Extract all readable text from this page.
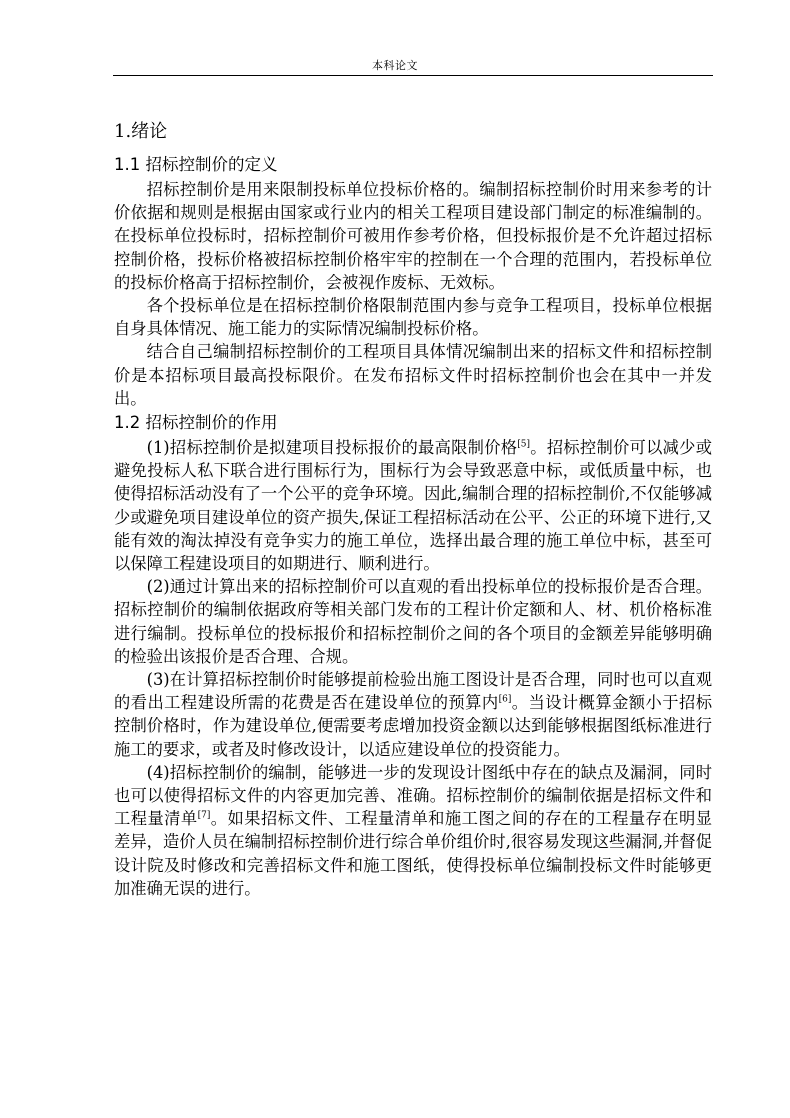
本科论文
1.绪论
1.1 招标控制价的定义

招标控制价是用来限制投标单位投标价格的。编制招标控制价时用来参考的计价依据和规则是根据由国家或行业内的相关工程项目建设部门制定的标准编制的。在投标单位投标时，招标控制价可被用作参考价格，但投标报价是不允许超过招标控制价格，投标价格被招标控制价格牢牢的控制在一个合理的范围内，若投标单位的投标价格高于招标控制价，会被视作废标、无效标。

各个投标单位是在招标控制价格限制范围内参与竞争工程项目，投标单位根据自身具体情况、施工能力的实际情况编制投标价格。

结合自己编制招标控制价的工程项目具体情况编制出来的招标文件和招标控制价是本招标项目最高投标限价。在发布招标文件时招标控制价也会在其中一并发出。

1.2 招标控制价的作用

(1)招标控制价是拟建项目投标报价的最高限制价格[5]。招标控制价可以减少或避免投标人私下联合进行围标行为，围标行为会导致恶意中标，或低质量中标，也使得招标活动没有了一个公平的竞争环境。因此,编制合理的招标控制价,不仅能够减少或避免项目建设单位的资产损失,保证工程招标活动在公平、公正的环境下进行,又能有效的淘汰掉没有竞争实力的施工单位，选择出最合理的施工单位中标，甚至可以保障工程建设项目的如期进行、顺利进行。

(2)通过计算出来的招标控制价可以直观的看出投标单位的投标报价是否合理。招标控制价的编制依据政府等相关部门发布的工程计价定额和人、材、机价格标准进行编制。投标单位的投标报价和招标控制价之间的各个项目的金额差异能够明确的检验出该报价是否合理、合规。

(3)在计算招标控制价时能够提前检验出施工图设计是否合理，同时也可以直观的看出工程建设所需的花费是否在建设单位的预算内[6]。当设计概算金额小于招标控制价格时，作为建设单位,便需要考虑增加投资金额以达到能够根据图纸标准进行施工的要求，或者及时修改设计，以适应建设单位的投资能力。

(4)招标控制价的编制，能够进一步的发现设计图纸中存在的缺点及漏洞，同时也可以使得招标文件的内容更加完善、准确。招标控制价的编制依据是招标文件和工程量清单[7]。如果招标文件、工程量清单和施工图之间的存在的工程量存在明显差异，造价人员在编制招标控制价进行综合单价组价时,很容易发现这些漏洞,并督促设计院及时修改和完善招标文件和施工图纸，使得投标单位编制投标文件时能够更加准确无误的进行。
